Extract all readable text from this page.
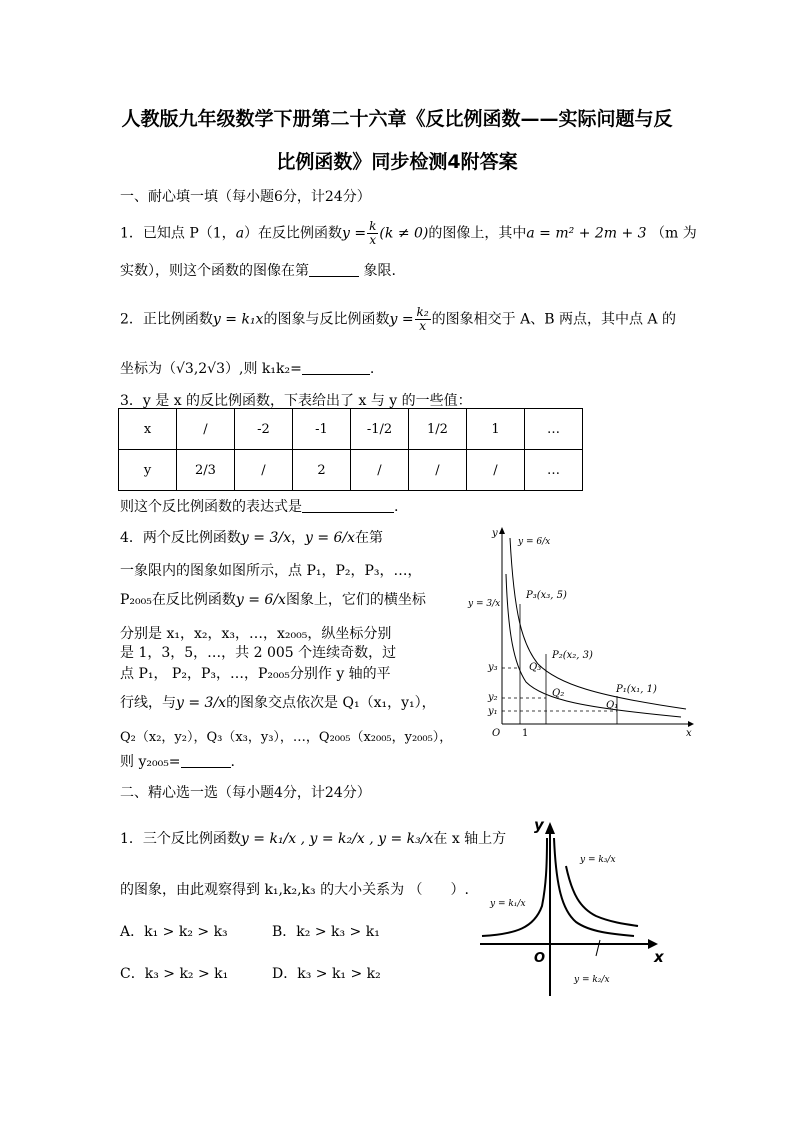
人教版九年级数学下册第二十六章《反比例函数——实际问题与反
比例函数》同步检测4附答案
一、耐心填一填（每小题6分，计24分）
1．已知点 P（1，a）在反比例函数$y = \frac{k}{x} (k \ne 0)$的图像上，其中a = m² + 2m + 3 （m 为
实数），则这个函数的图像在第	象限.
2．正比例函数y = k₁x的图象与反比例函数$y = \frac{\text{k₂}}{x}$ 的图象相交于 A、B 两点，其中点 A 的
坐标为（√3,2√3）,则 k₁k₂=	.
3．y 是 x 的反比例函数，下表给出了 x 与 y 的一些值：
x	/	-2	-1	-1/2	1/2	1	…
y	2/3	/	2	/	/	/	…
则这个反比例函数的表达式是	.
4．两个反比例函数y = 3/x，y = 6/x在第
一象限内的图象如图所示，点 P₁，P₂，P₃，…，
P₂₀₀₅在反比例函数y = 6/x图象上，它们的横坐标
分别是 x₁，x₂，x₃，…，x₂₀₀₅，纵坐标分别
是 1，3，5，…，共 2 005 个连续奇数，过
点 P₁， P₂，P₃，…，P₂₀₀₅分别作 y 轴的平
行线，与y = 3/x的图象交点依次是 Q₁（x₁，y₁），
Q₂（x₂，y₂），Q₃（x₃，y₃），…，Q₂₀₀₅（x₂₀₀₅，y₂₀₀₅），
则 y₂₀₀₅=	.
y
x
O 1
y = 6/x
y = 3/x
P₃(x₃, 5)
P₂(x₂, 3)
P₁(x₁, 1)
Q₃
Q₂
Q₁
y₃
y₂
y₁
二、精心选一选（每小题4分，计24分）
1．三个反比例函数y = k₁/x , y = k₂/x , y = k₃/x在 x 轴上方
的图象，由此观察得到 k₁,k₂,k₃ 的大小关系为 （　　）.
A．k₁ > k₂ > k₃	B．k₂ > k₃ > k₁
C．k₃ > k₂ > k₁	D．k₃ > k₁ > k₂
y
x
O
y = k₁/x
y = k₂/x
y = k₃/x
